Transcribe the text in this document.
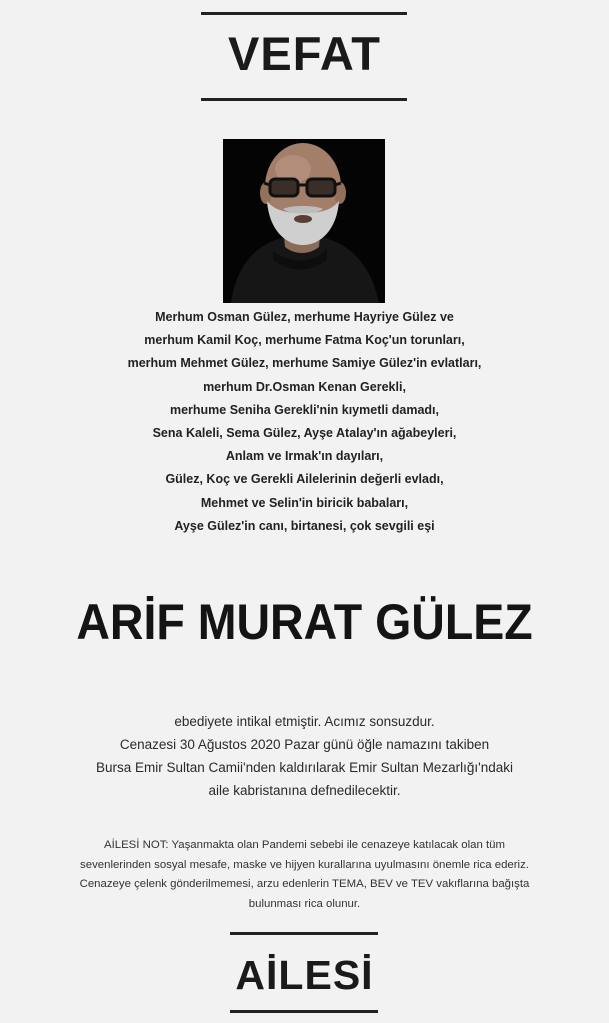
VEFAT
Merhum Osman Gülez, merhume Hayriye Gülez ve
merhum Kamil Koç, merhume Fatma Koç'un torunları,
merhum Mehmet Gülez, merhume Samiye Gülez'in evlatları,
merhum Dr.Osman Kenan Gerekli,
merhume Seniha Gerekli'nin kıymetli damadı,
Sena Kaleli, Sema Gülez, Ayşe Atalay'ın ağabeyleri,
Anlam ve Irmak'ın dayıları,
Gülez, Koç ve Gerekli Ailelerinin değerli evladı,
Mehmet ve Selin'in biricik babaları,
Ayşe Gülez'in canı, birtanesi, çok sevgili eşi
ARİF MURAT GÜLEZ
ebediyete intikal etmiştir. Acımız sonsuzdur.
Cenazesi 30 Ağustos 2020 Pazar günü öğle namazını takiben
Bursa Emir Sultan Camii'nden kaldırılarak Emir Sultan Mezarlığı'ndaki
aile kabristanına defnedilecektir.
AİLESİ NOT: Yaşanmakta olan Pandemi sebebi ile cenazeye katılacak olan tüm
sevenlerinden sosyal mesafe, maske ve hijyen kurallarına uyulmasını önemle rica ederiz.
Cenazeye çelenk gönderilmemesi, arzu edenlerin TEMA, BEV ve TEV vakıflarına bağışta
bulunması rica olunur.
AİLESİ
